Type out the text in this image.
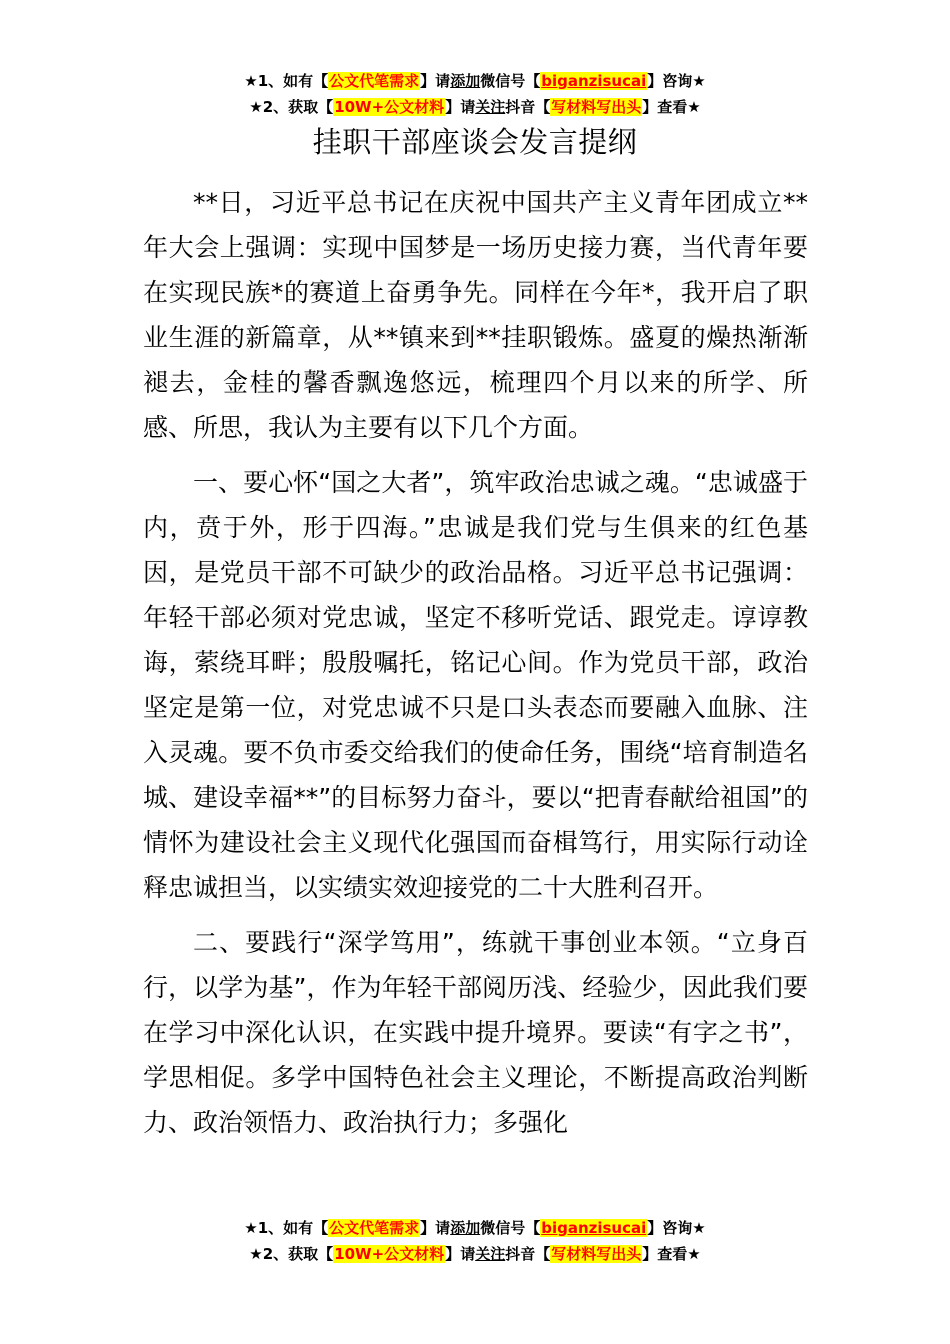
★1、如有【公文代笔需求】请添加微信号【biganzisucai】咨询★
★2、获取【10W+公文材料】请关注抖音【写材料写出头】查看★
挂职干部座谈会发言提纲

**日，习近平总书记在庆祝中国共产主义青年团成立**年大会上强调：实现中国梦是一场历史接力赛，当代青年要在实现民族*的赛道上奋勇争先。同样在今年*，我开启了职业生涯的新篇章，从**镇来到**挂职锻炼。盛夏的燥热渐渐褪去，金桂的馨香飘逸悠远，梳理四个月以来的所学、所感、所思，我认为主要有以下几个方面。

一、要心怀“国之大者”，筑牢政治忠诚之魂。“忠诚盛于内，贲于外，形于四海。”忠诚是我们党与生俱来的红色基因，是党员干部不可缺少的政治品格。习近平总书记强调：年轻干部必须对党忠诚，坚定不移听党话、跟党走。谆谆教诲，萦绕耳畔；殷殷嘱托，铭记心间。作为党员干部，政治坚定是第一位，对党忠诚不只是口头表态而要融入血脉、注入灵魂。要不负市委交给我们的使命任务，围绕“培育制造名城、建设幸福**”的目标努力奋斗，要以“把青春献给祖国”的情怀为建设社会主义现代化强国而奋楫笃行，用实际行动诠释忠诚担当，以实绩实效迎接党的二十大胜利召开。

二、要践行“深学笃用”，练就干事创业本领。“立身百行，以学为基”，作为年轻干部阅历浅、经验少，因此我们要在学习中深化认识，在实践中提升境界。要读“有字之书”，学思相促。多学中国特色社会主义理论，不断提高政治判断力、政治领悟力、政治执行力；多强化

★1、如有【公文代笔需求】请添加微信号【biganzisucai】咨询★
★2、获取【10W+公文材料】请关注抖音【写材料写出头】查看★
